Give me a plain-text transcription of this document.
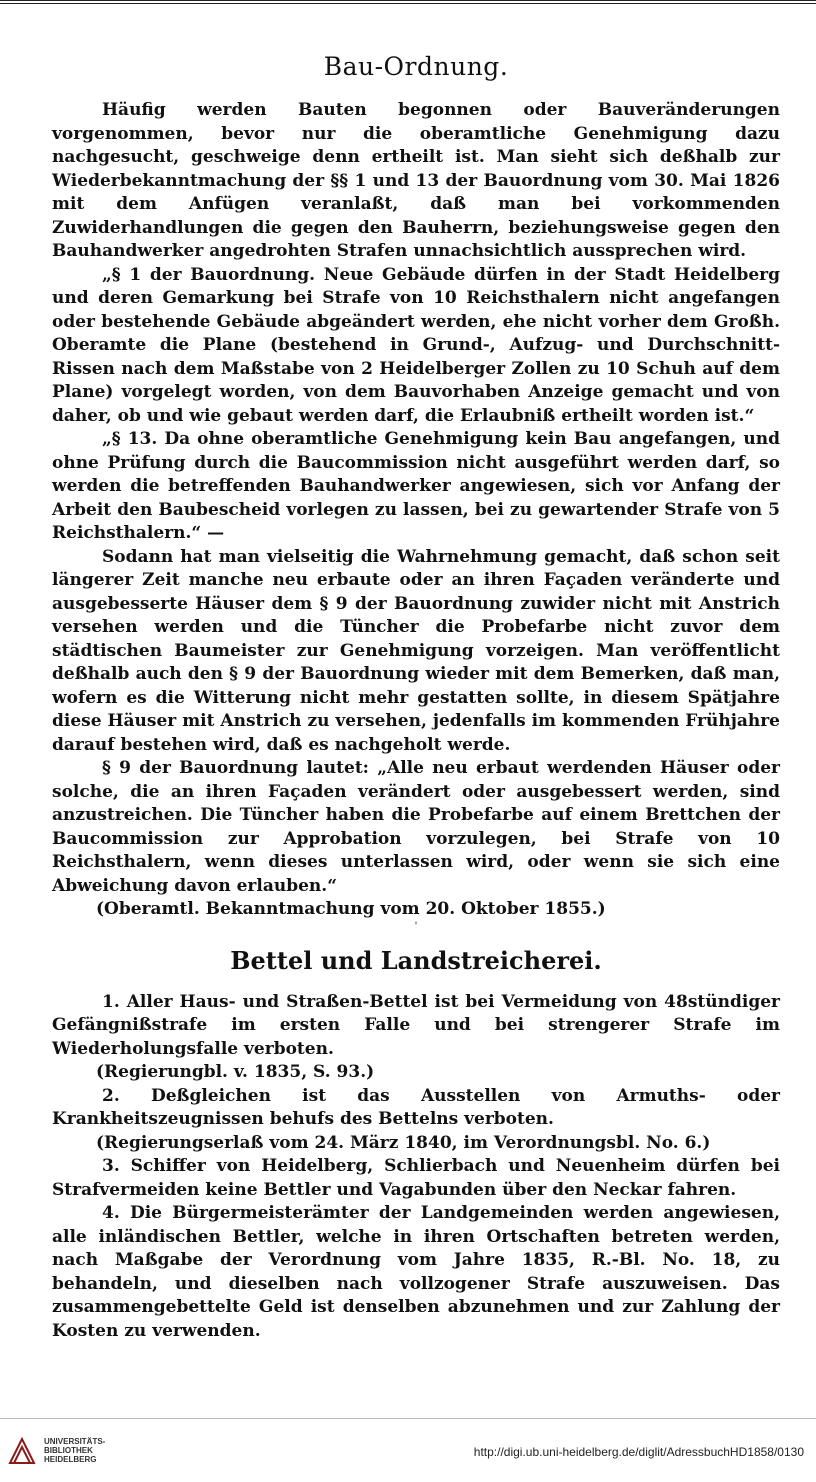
Bau-Ordnung.

Häufig werden Bauten begonnen oder Bauveränderungen vorgenommen, bevor nur die oberamtliche Genehmigung dazu nachgesucht, geschweige denn ertheilt ist. Man sieht sich deßhalb zur Wiederbekanntmachung der §§ 1 und 13 der Bauordnung vom 30. Mai 1826 mit dem Anfügen veranlaßt, daß man bei vorkommenden Zuwiderhandlungen die gegen den Bauherrn, beziehungsweise gegen den Bauhandwerker angedrohten Strafen unnachsichtlich aussprechen wird.

„§ 1 der Bauordnung. Neue Gebäude dürfen in der Stadt Heidelberg und deren Gemarkung bei Strafe von 10 Reichsthalern nicht angefangen oder bestehende Gebäude abgeändert werden, ehe nicht vorher dem Großh. Oberamte die Plane (bestehend in Grund-, Aufzug- und Durchschnitt-Rissen nach dem Maßstabe von 2 Heidelberger Zollen zu 10 Schuh auf dem Plane) vorgelegt worden, von dem Bauvorhaben Anzeige gemacht und von daher, ob und wie gebaut werden darf, die Erlaubniß ertheilt worden ist.“

„§ 13. Da ohne oberamtliche Genehmigung kein Bau angefangen, und ohne Prüfung durch die Baucommission nicht ausgeführt werden darf, so werden die betreffenden Bauhandwerker angewiesen, sich vor Anfang der Arbeit den Baubescheid vorlegen zu lassen, bei zu gewartender Strafe von 5 Reichsthalern.“ —

Sodann hat man vielseitig die Wahrnehmung gemacht, daß schon seit längerer Zeit manche neu erbaute oder an ihren Façaden veränderte und ausgebesserte Häuser dem § 9 der Bauordnung zuwider nicht mit Anstrich versehen werden und die Tüncher die Probefarbe nicht zuvor dem städtischen Baumeister zur Genehmigung vorzeigen. Man veröffentlicht deßhalb auch den § 9 der Bauordnung wieder mit dem Bemerken, daß man, wofern es die Witterung nicht mehr gestatten sollte, in diesem Spätjahre diese Häuser mit Anstrich zu versehen, jedenfalls im kommenden Frühjahre darauf bestehen wird, daß es nachgeholt werde.

§ 9 der Bauordnung lautet: „Alle neu erbaut werdenden Häuser oder solche, die an ihren Façaden verändert oder ausgebessert werden, sind anzustreichen. Die Tüncher haben die Probefarbe auf einem Brettchen der Baucommission zur Approbation vorzulegen, bei Strafe von 10 Reichsthalern, wenn dieses unterlassen wird, oder wenn sie sich eine Abweichung davon erlauben.“

(Oberamtl. Bekanntmachung vom 20. Oktober 1855.)

'
Bettel und Landstreicherei.

1. Aller Haus- und Straßen-Bettel ist bei Vermeidung von 48stündiger Gefängnißstrafe im ersten Falle und bei strengerer Strafe im Wiederholungsfalle verboten.

(Regierungbl. v. 1835, S. 93.)

2. Deßgleichen ist das Ausstellen von Armuths- oder Krankheitszeugnissen behufs des Bettelns verboten.

(Regierungserlaß vom 24. März 1840, im Verordnungsbl. No. 6.)

3. Schiffer von Heidelberg, Schlierbach und Neuenheim dürfen bei Strafvermeiden keine Bettler und Vagabunden über den Neckar fahren.

4. Die Bürgermeisterämter der Landgemeinden werden angewiesen, alle inländischen Bettler, welche in ihren Ortschaften betreten werden, nach Maßgabe der Verordnung vom Jahre 1835, R.-Bl. No. 18, zu behandeln, und dieselben nach vollzogener Strafe auszuweisen. Das zusammengebettelte Geld ist denselben abzunehmen und zur Zahlung der Kosten zu verwenden.

UNIVERSITÄTS-
BIBLIOTHEK
HEIDELBERG
http://digi.ub.uni-heidelberg.de/diglit/AdressbuchHD1858/0130
